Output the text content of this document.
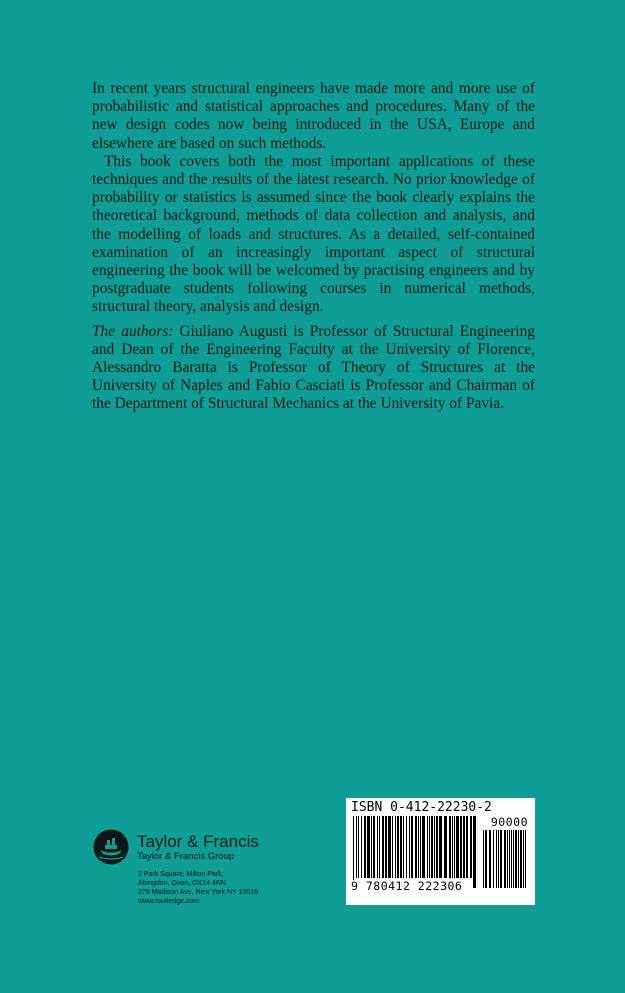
In recent years structural engineers have made more and more use of probabilistic and statistical approaches and procedures. Many of the new design codes now being introduced in the USA, Europe and elsewhere are based on such methods.

This book covers both the most important applications of these techniques and the results of the latest research. No prior knowledge of probability or statistics is assumed since the book clearly explains the theoretical background, methods of data collection and analysis, and the modelling of loads and structures. As a detailed, self-contained examination of an increasingly important aspect of structural engineering the book will be welcomed by practising engineers and by postgraduate students following courses in numerical methods, structural theory, analysis and design.

The authors: Giuliano Augusti is Professor of Structural Engineering and Dean of the Engineering Faculty at the University of Florence, Alessandro Baratta is Professor of Theory of Structures at the University of Naples and Fabio Casciati is Professor and Chairman of the Department of Structural Mechanics at the University of Pavia.

Taylor & Francis
Taylor & Francis Group
2 Park Square, Milton Park,
Abingdon, Oxon, OX14 4RN
270 Madison Ave, New York NY 10016
www.routledge.com
ISBN 0-412-22230-2
90000
9 780412 222306
